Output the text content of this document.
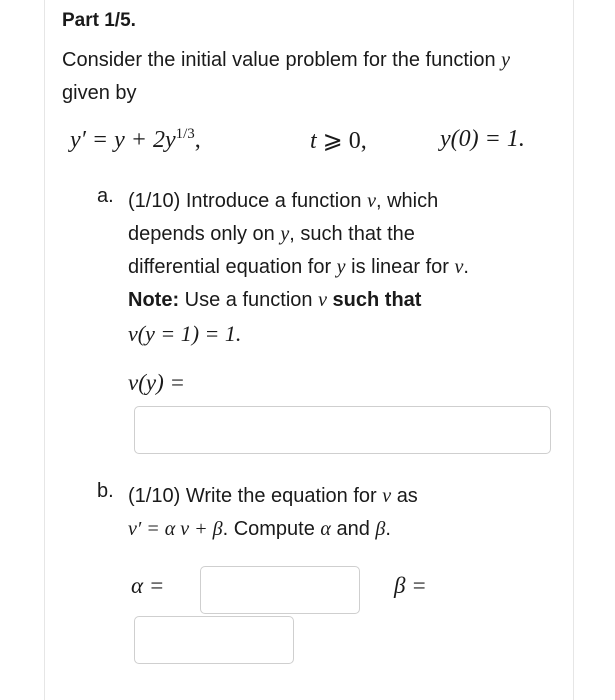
Part 1/5.
Consider the initial value problem for the function y given by
$y' = y + 2y^{1/3}$,	t ⩾ 0,	y(0) = 1.
a. (1/10) Introduce a function v, which
depends only on y, such that the
differential equation for y is linear for v.
Note: Use a function v such that
v(y = 1) = 1.
v(y) =
b. (1/10) Write the equation for v as
v′ = α v + β. Compute α and β.
α =	β =
